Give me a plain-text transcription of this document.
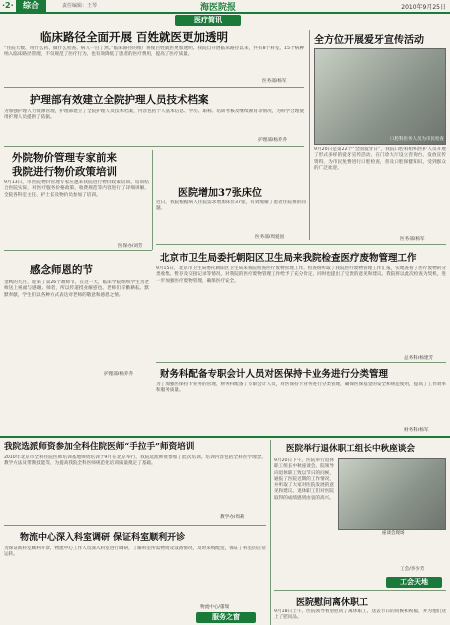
·2·	综合	责任编辑：王琴	海医院报	2010年9月25日
医疗简讯
临床路径全面开展 百姓就医更加透明
“住院天数、用什么药、做什么检查、病人一目了然。”临床路径的推广将使百姓就医更加透明。我院自开展临床路径以来，共有8个科室、15个病种纳入临床路径管理，不仅规范了医疗行为，也有效降低了患者的医疗费用，提高了医疗质量。
医务部/杨军
护理部有效建立全院护理人员技术档案
为加强护理人力资源管理，护理部建立了全院护理人员技术档案，内容包括个人基本信息、学历、职称、培训考核及继续教育等情况，为科学合理使用护理人员提供了依据。
护理部/杨乔乔
全方位开展爱牙宣传活动
口腔科医务人员为市民检查
9月20日是第22个“全国爱牙日”，我院口腔科组织医护人员开展了形式多样的爱牙宣传活动，在门诊大厅设立咨询台，发放宣传资料，为市民免费进行口腔检查，普及口腔保健知识，受到群众的广泛欢迎。
医务部/杨军
外院物价管理专家前来
我院进行物价政策培训
9月13日，市医院物价管理专家应邀来我院进行物价政策培训。培训结合医院实际，对医疗服务价格政策、收费规范等内容进行了详细讲解，全院各科室主任、护士长及物价员参加了培训。
医保办/刘芳
医院增加37张床位
近日，我院根据病人住院需求增加床位37张，有效缓解了患者住院难的问题。
医务部/周爱国
北京市卫生局委托朝阳区卫生局来我院检查医疗废物管理工作
9月15日，北京市卫生局委托朝阳区卫生局来我院检查医疗废物管理工作。检查组听取了我院医疗废物管理工作汇报，实地查看了医疗废物的分类收集、暂存及交接记录等情况，对我院的医疗废物管理工作给予了充分肯定，同时也提出了宝贵的意见和建议。我院将以此次检查为契机，进一步加强医疗废物管理，确保医疗安全。
总务科/杨建芳
感念师恩的节
金秋的九月，迎来了第26个教师节，在这一天，临床学院组织学生为老师送上祝福与感谢。师者，所以传道授业解惑也。老师们辛勤耕耘、默默奉献，学生们以各种方式表达对老师的敬意和感恩之情。
护理部/杨乔乔	财务科配备专职会计人员对医保持卡业务进行分类管理
为了加强医保持卡业务的管理，财务科配备了专职会计人员，对医保持卡业务进行分类管理，确保医保基金的安全和规范使用，提高了工作效率和服务质量。
财务科/杨军
我院选派师资参加全科住院医师“手拉手”师资培训
2010年北京市全科住院医师培训基地师资培训于9月在北京举行，我院选派师资参加了此次培训。培训内容包括全科医学理念、教学方法及带教技能等，为提高我院全科医师规范化培训质量奠定了基础。
教学办/周莉
医院举行退休职工组长中秋座谈会
9月20日下午，医院举行退休职工组长中秋座谈会。院领导向退休职工致以节日的问候，通报了医院近期的工作情况，并听取了大家对医院发展的意见和建议。退休职工们对医院取得的成绩感到由衷的高兴。
座谈会现场
工会/李少芳
工会天地
医院慰问离休职工
9月18日上午，医院领导看望慰问了离休职工，送去节日的问候和祝福，并为他们送上了慰问品。
物流中心深入科室调研 保证科室顺利开诊
为保证新科室顺利开诊，物流中心工作人员深入科室进行调研，了解科室所需物资及设备情况，及时采购配送，保证了科室的正常运转。
物流中心/董瑞
服务之窗
